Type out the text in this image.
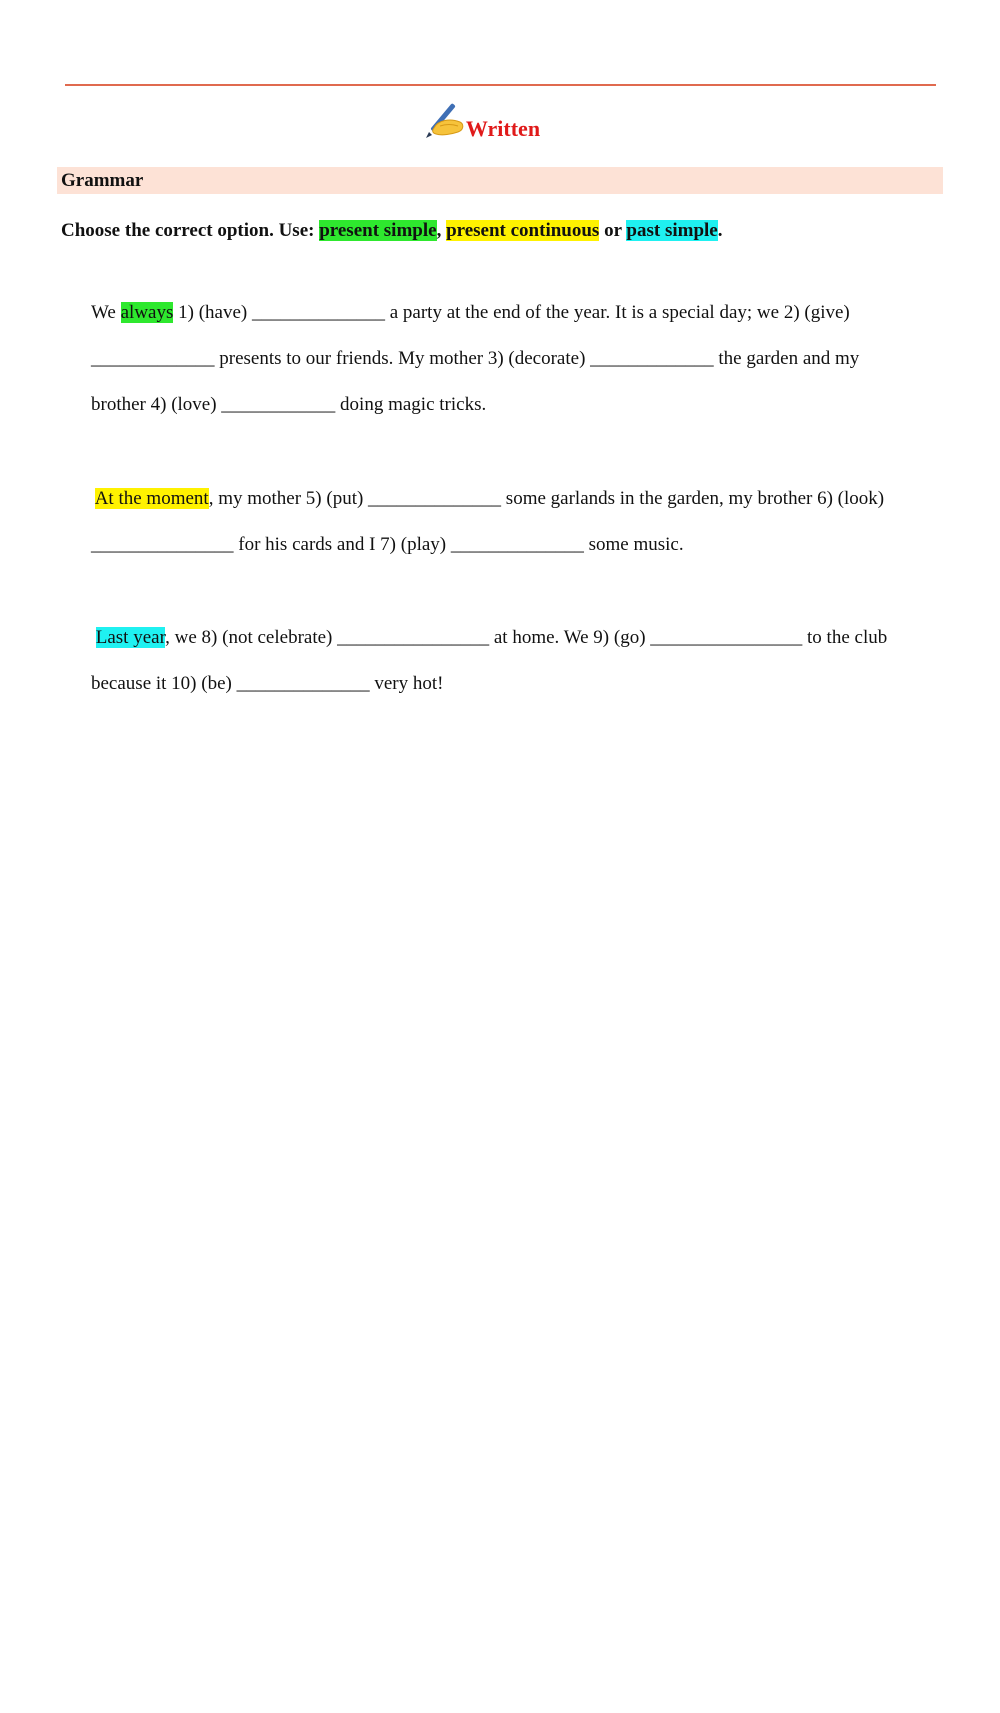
Written
Grammar
Choose the correct option. Use: present simple, present continuous or past simple.
We always 1) (have) ______________ a party at the end of the year. It is a special day; we 2) (give)
_____________ presents to our friends. My mother 3) (decorate) _____________ the garden and my
brother 4) (love) ____________ doing magic tricks.
At the moment, my mother 5) (put) ______________ some garlands in the garden, my brother 6) (look)
_______________ for his cards and I 7) (play) ______________ some music.
Last year, we 8) (not celebrate) ________________ at home. We 9) (go) ________________ to the club
because it 10) (be) ______________ very hot!
